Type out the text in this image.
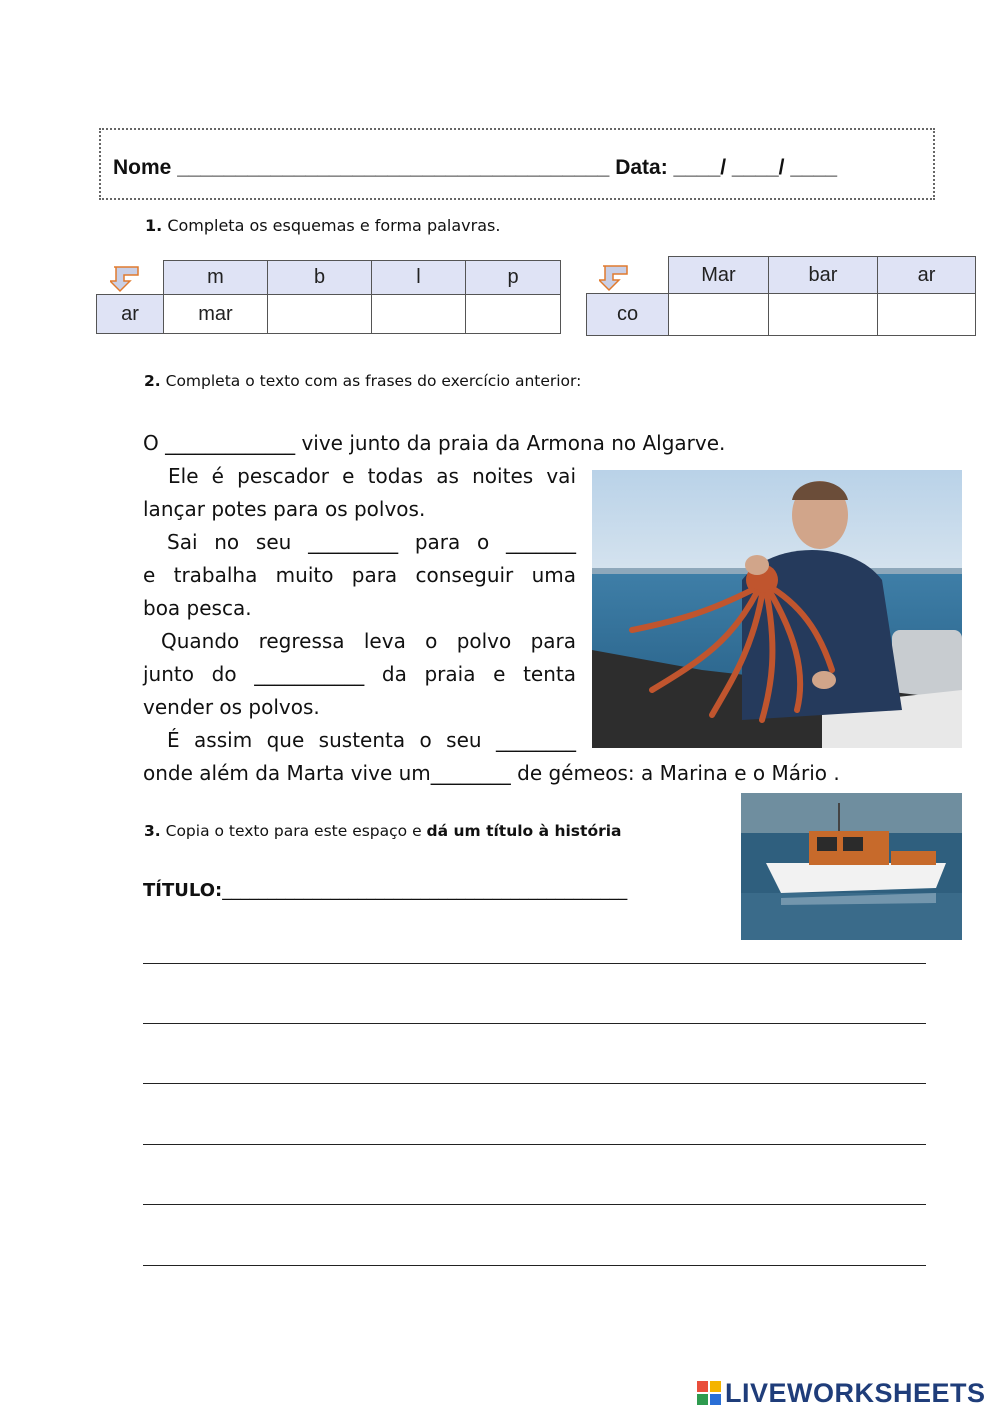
Nome _____________________________________ Data: ____/ ____/ ____
1. Completa os esquemas e forma palavras.
	m	b	l	p
ar	mar			
	Mar	bar	ar
co			
2. Completa o texto com as frases do exercício anterior:
O _____________ vive junto da praia da Armona no Algarve.
Ele é pescador e todas as noites vai
lançar potes para os polvos.
Sai no seu _________ para o _______
e trabalha muito para conseguir uma
boa pesca.
Quando regressa leva o polvo para
junto do ___________ da praia e tenta
vender os polvos.
É assim que sustenta o seu ________
onde além da Marta vive um________ de gémeos: a Marina e o Mário .
3. Copia o texto para este espaço e dá um título à história
TÍTULO:_____________________________________________
LIVEWORKSHEETS
